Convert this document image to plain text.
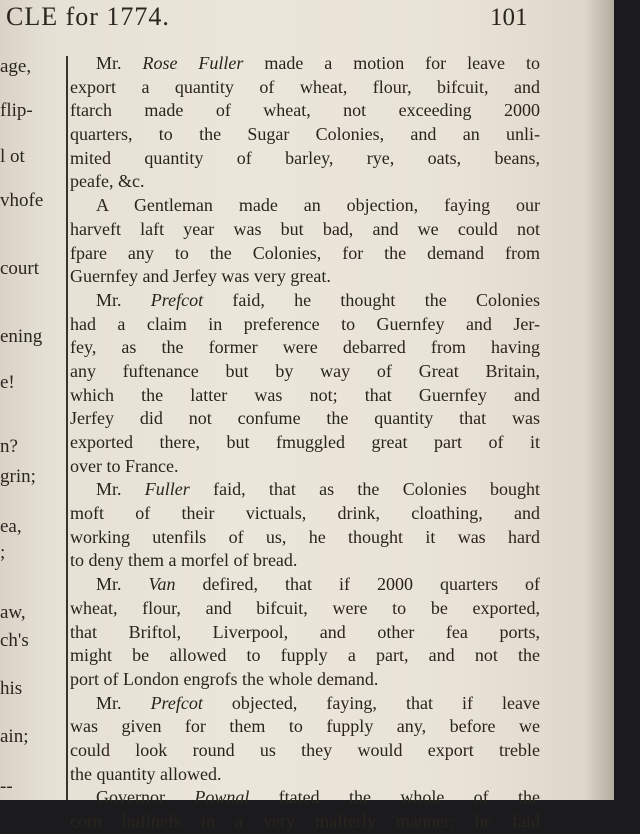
CLE for 1774.	101
age,
flip-
l ot
vhofe
court
ening
e!
n?
grin;
ea,
;
aw,
ch's
his
ain;
--
Mr. Rose Fuller made a motion for leave to
export a quantity of wheat, flour, bifcuit, and
ftarch made of wheat, not exceeding 2000
quarters, to the Sugar Colonies, and an unli-
mited quantity of barley, rye, oats, beans,
peafe, &c.
A Gentleman made an objection, faying our
harveft laft year was but bad, and we could not
fpare any to the Colonies, for the demand from
Guernfey and Jerfey was very great.
Mr. Prefcot faid, he thought the Colonies
had a claim in preference to Guernfey and Jer-
fey, as the former were debarred from having
any fuftenance but by way of Great Britain,
which the latter was not; that Guernfey and
Jerfey did not confume the quantity that was
exported there, but fmuggled great part of it
over to France.
Mr. Fuller faid, that as the Colonies bought
moft of their victuals, drink, cloathing, and
working utenfils of us, he thought it was hard
to deny them a morfel of bread.
Mr. Van defired, that if 2000 quarters of
wheat, flour, and bifcuit, were to be exported,
that Briftol, Liverpool, and other fea ports,
might be allowed to fupply a part, and not the
port of London engrofs the whole demand.
Mr. Prefcot objected, faying, that if leave
was given for them to fupply any, before we
could look round us they would export treble
the quantity allowed.
Governor Pownal ftated the whole of the
corn bufinefs in a very mafterly manner; he faid
